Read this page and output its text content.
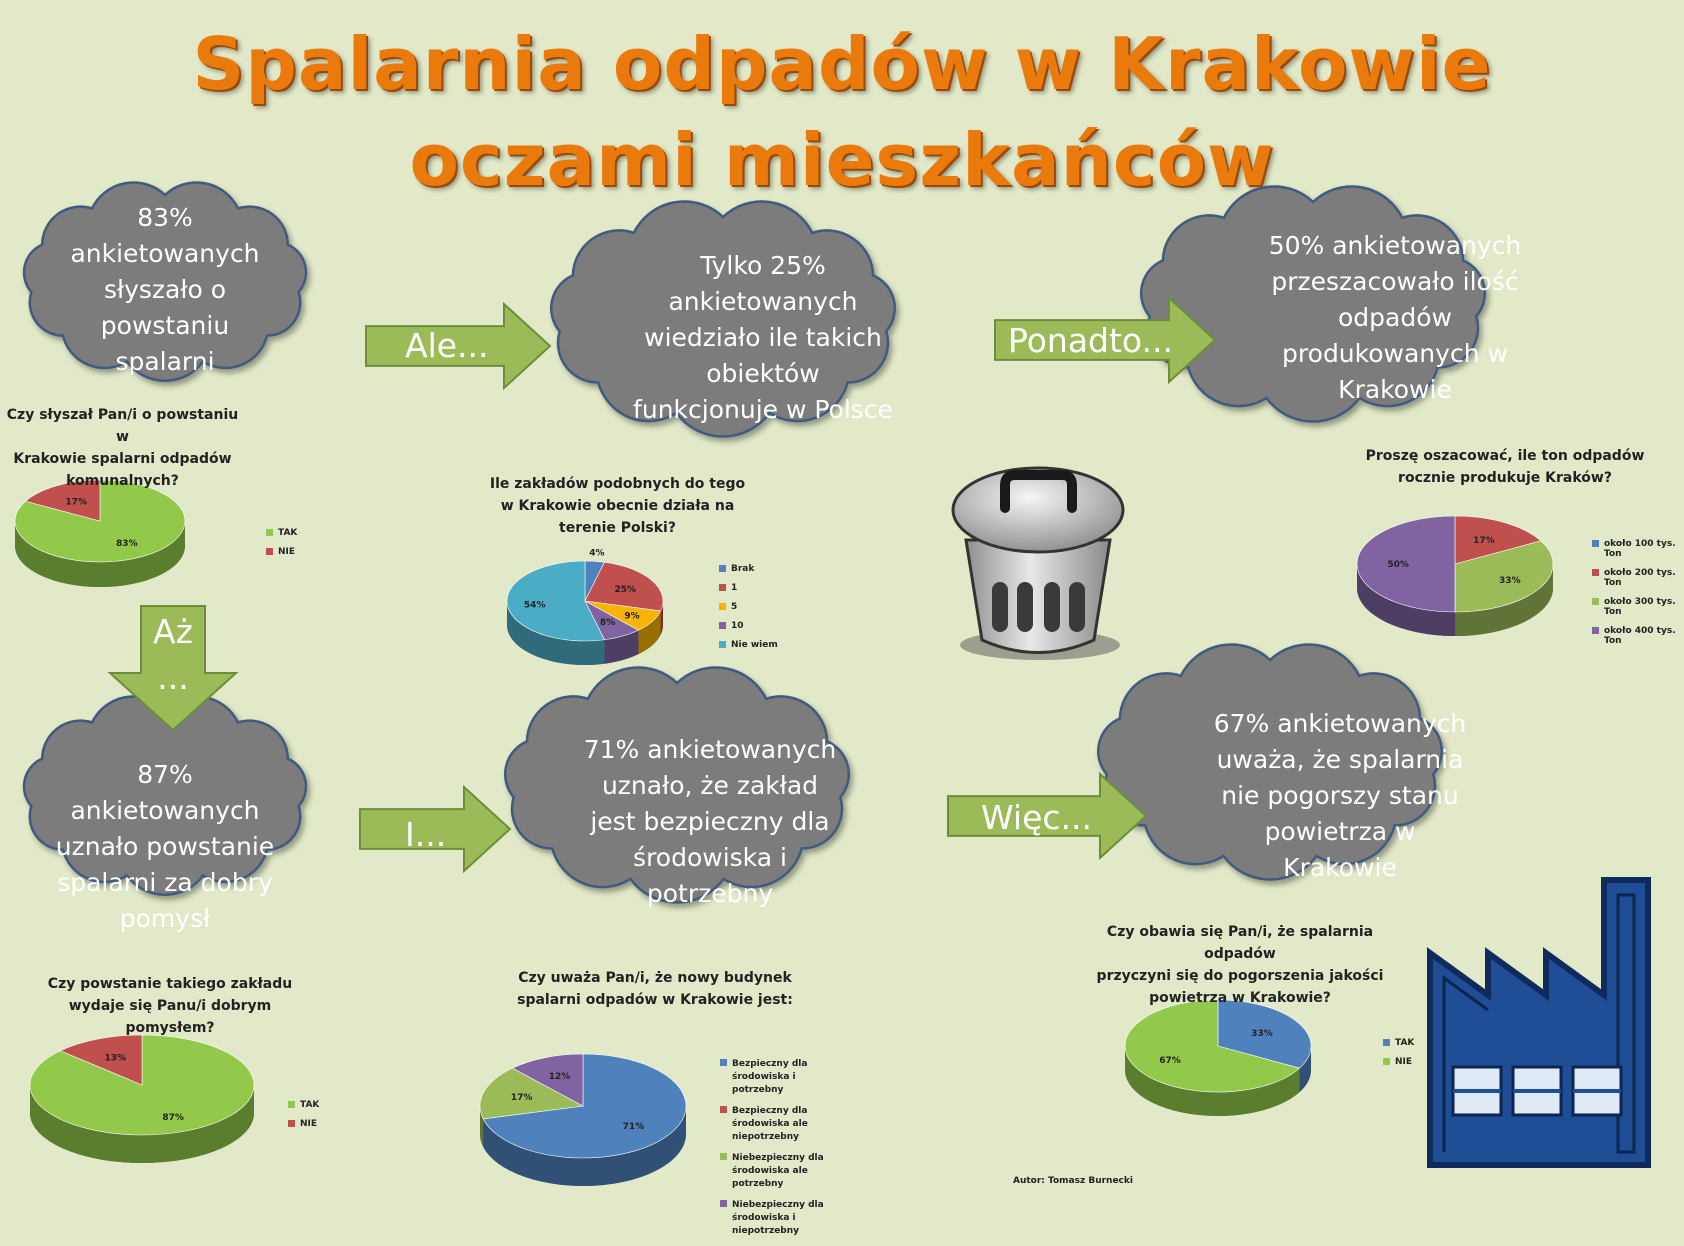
Spalarnia odpadów w Krakowie
oczami mieszkańców
83%
17%
4%
25%
9%
8%
54%
17%
33%
50%
87%
13%
71%
17%
12%
33%
67%
83%
ankietowanych
słyszało o
powstaniu
spalarni
Tylko 25%
ankietowanych
wiedziało ile takich
obiektów
funkcjonuje w Polsce
50% ankietowanych
przeszacowało ilość
odpadów
produkowanych w
Krakowie
87%
ankietowanych
uznało powstanie
spalarni za dobry
pomysł
71% ankietowanych
uznało, że zakład
jest bezpieczny dla
środowiska i
potrzebny
67% ankietowanych
uważa, że spalarnia
nie pogorszy stanu
powietrza w
Krakowie
Ale...	Ponadto...
Aż
...
I...	Więc...
Czy słyszał Pan/i o powstaniu w
Krakowie spalarni odpadów
komunalnych?	Ile zakładów podobnych do tego
w Krakowie obecnie działa na
terenie Polski?
Proszę oszacować, ile ton odpadów
rocznie produkuje Kraków?
Czy powstanie takiego zakładu
wydaje się Panu/i dobrym
pomysłem?
Czy uważa Pan/i, że nowy budynek
spalarni odpadów w Krakowie jest:
Czy obawia się Pan/i, że spalarnia odpadów
przyczyni się do pogorszenia jakości
powietrza w Krakowie?
TAK
NIE
Brak
1
5
10
Nie wiem
około 100 tys. Ton
około 200 tys. Ton
około 300 tys. Ton
około 400 tys. Ton
TAK
NIE
Bezpieczny dla środowiska i potrzebny
Bezpieczny dla środowiska ale niepotrzebny
Niebezpieczny dla środowiska ale potrzebny
Niebezpieczny dla środowiska i niepotrzebny
TAK
NIE
Autor: Tomasz Burnecki
